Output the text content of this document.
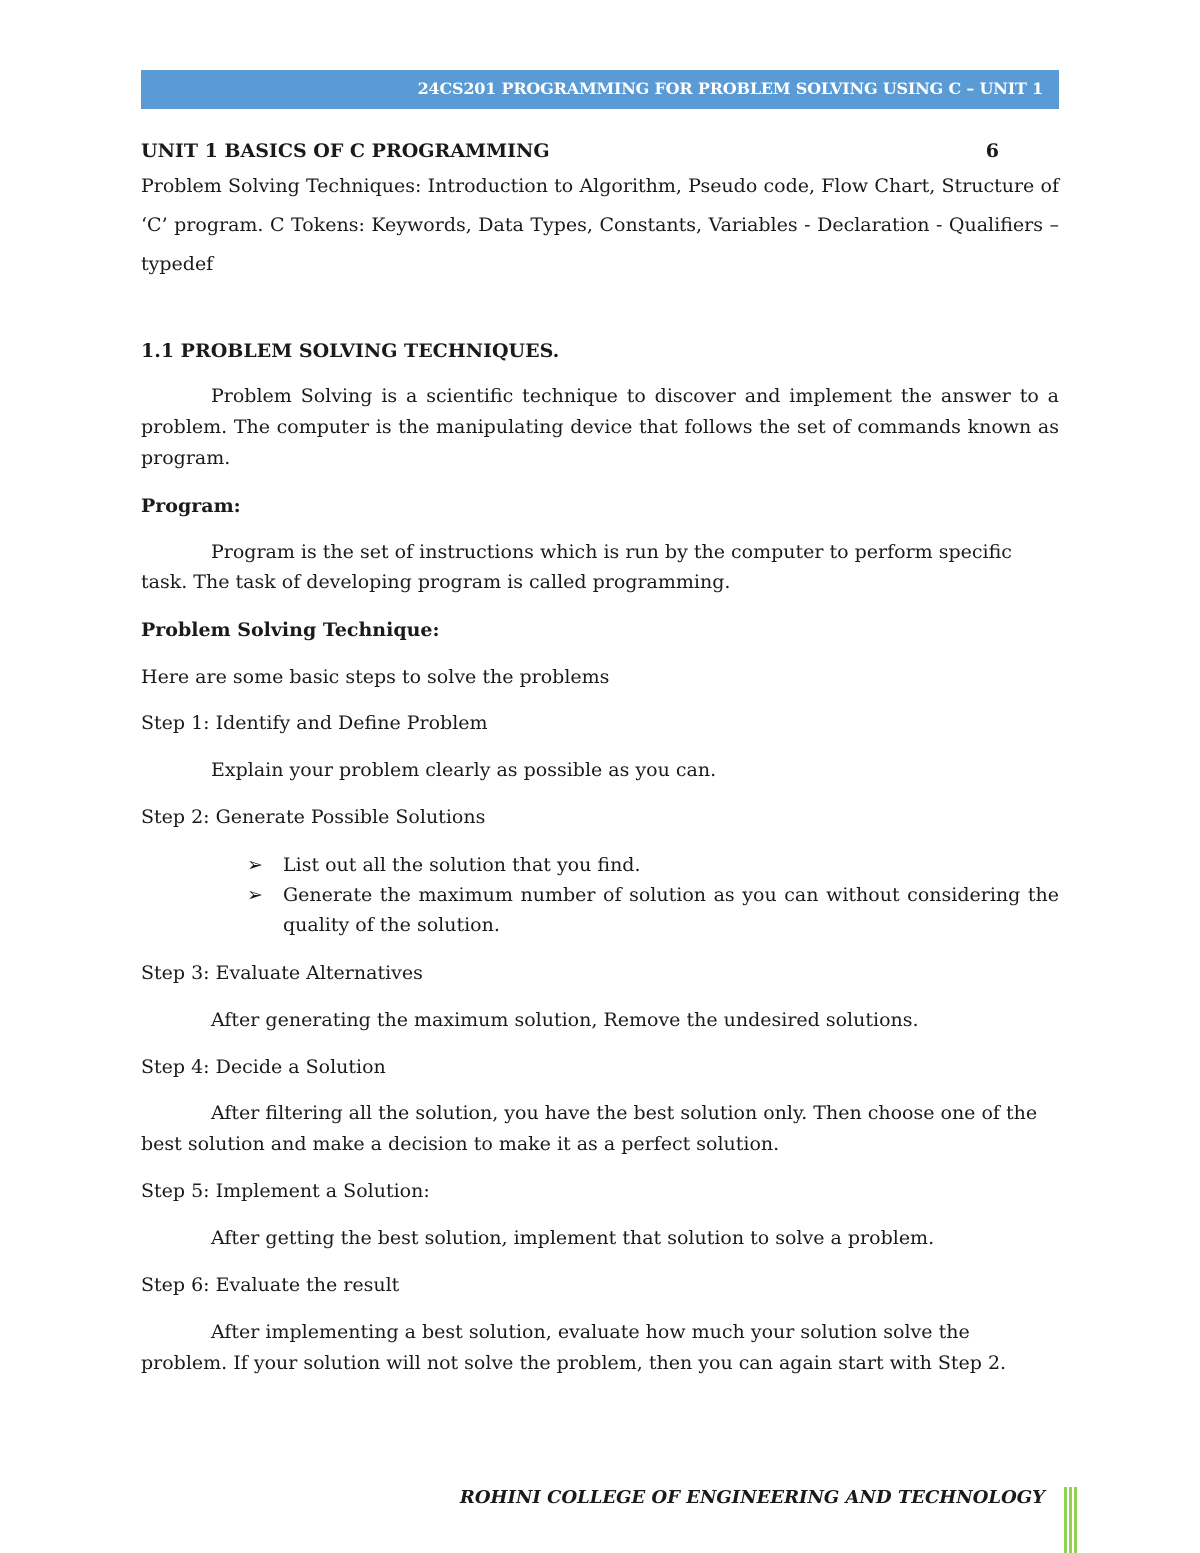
24CS201 PROGRAMMING FOR PROBLEM SOLVING USING C – UNIT 1
UNIT 1 BASICS OF C PROGRAMMING	6
Problem Solving Techniques: Introduction to Algorithm, Pseudo code, Flow Chart, Structure of ‘C’ program. C Tokens: Keywords, Data Types, Constants, Variables - Declaration - Qualifiers – typedef
1.1 PROBLEM SOLVING TECHNIQUES.
Problem Solving is a scientific technique to discover and implement the answer to a problem. The computer is the manipulating device that follows the set of commands known as program.
Program:
Program is the set of instructions which is run by the computer to perform specific task. The task of developing program is called programming.
Problem Solving Technique:
Here are some basic steps to solve the problems
Step 1: Identify and Define Problem
Explain your problem clearly as possible as you can.
Step 2: Generate Possible Solutions
➢	List out all the solution that you find.
➢	Generate the maximum number of solution as you can without considering the quality of the solution.
Step 3: Evaluate Alternatives
After generating the maximum solution, Remove the undesired solutions.
Step 4: Decide a Solution
After filtering all the solution, you have the best solution only. Then choose one of the best solution and make a decision to make it as a perfect solution.
Step 5: Implement a Solution:
After getting the best solution, implement that solution to solve a problem.
Step 6: Evaluate the result
After implementing a best solution, evaluate how much your solution solve the problem. If your solution will not solve the problem, then you can again start with Step 2.
ROHINI COLLEGE OF ENGINEERING AND TECHNOLOGY
